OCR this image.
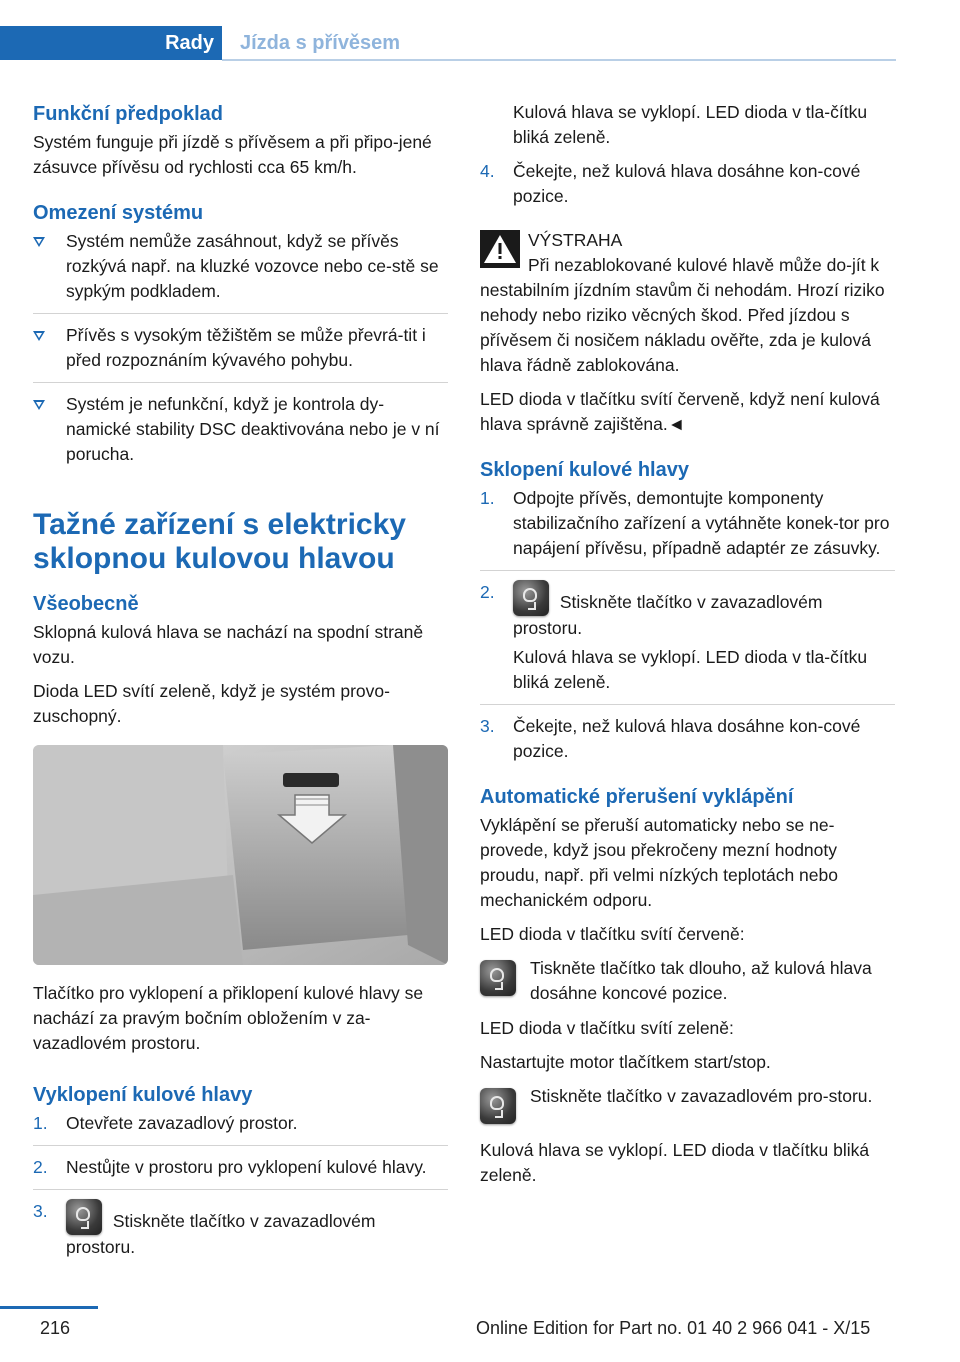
Rady	Jízda s přívěsem
Funkční předpoklad

Systém funguje při jízdě s přívěsem a při připo-jené zásuvce přívěsu od rychlosti cca 65 km/h.

Omezení systému
Systém nemůže zasáhnout, když se přívěs rozkývá např. na kluzké vozovce nebo ce-stě se sypkým podkladem.
Přívěs s vysokým těžištěm se může převrá-tit i před rozpoznáním kývavého pohybu.
Systém je nefunkční, když je kontrola dy-namické stability DSC deaktivována nebo je v ní porucha.
Tažné zařízení s elektricky sklopnou kulovou hlavou
Všeobecně

Sklopná kulová hlava se nachází na spodní straně vozu.

Dioda LED svítí zeleně, když je systém provo-zuschopný.

Tlačítko pro vyklopení a přiklopení kulové hlavy se nachází za pravým bočním obložením v za-vazadlovém prostoru.

Vyklopení kulové hlavy
1. Otevřete zavazadlový prostor.
2. Nestůjte v prostoru pro vyklopení kulové hlavy.
3.	Stiskněte tlačítko v zavazadlovém prostoru.

Kulová hlava se vyklopí. LED dioda v tla-čítku bliká zeleně.

4. Čekejte, než kulová hlava dosáhne kon-cové pozice.

VÝSTRAHA

Při nezablokované kulové hlavě může do-jít k nestabilním jízdním stavům či nehodám. Hrozí riziko nehody nebo riziko věcných škod. Před jízdou s přívěsem či nosičem nákladu ověřte, zda je kulová hlava řádně zablokována.

LED dioda v tlačítku svítí červeně, když není kulová hlava správně zajištěna.◄

Sklopení kulové hlavy
1. Odpojte přívěs, demontujte komponenty stabilizačního zařízení a vytáhněte konek-tor pro napájení přívěsu, případně adaptér ze zásuvky.
2.	Stiskněte tlačítko v zavazadlovém prostoru.

Kulová hlava se vyklopí. LED dioda v tla-čítku bliká zeleně.

3. Čekejte, než kulová hlava dosáhne kon-cové pozice.
Automatické přerušení vyklápění

Vyklápění se přeruší automaticky nebo se ne-provede, když jsou překročeny mezní hodnoty proudu, např. při velmi nízkých teplotách nebo mechanickém odporu.

LED dioda v tlačítku svítí červeně:

Tiskněte tlačítko tak dlouho, až kulová hlava dosáhne koncové pozice.

LED dioda v tlačítku svítí zeleně:

Nastartujte motor tlačítkem start/stop.

Stiskněte tlačítko v zavazadlovém pro-storu.

Kulová hlava se vyklopí. LED dioda v tlačítku bliká zeleně.

216	Online Edition for Part no. 01 40 2 966 041 - X/15
